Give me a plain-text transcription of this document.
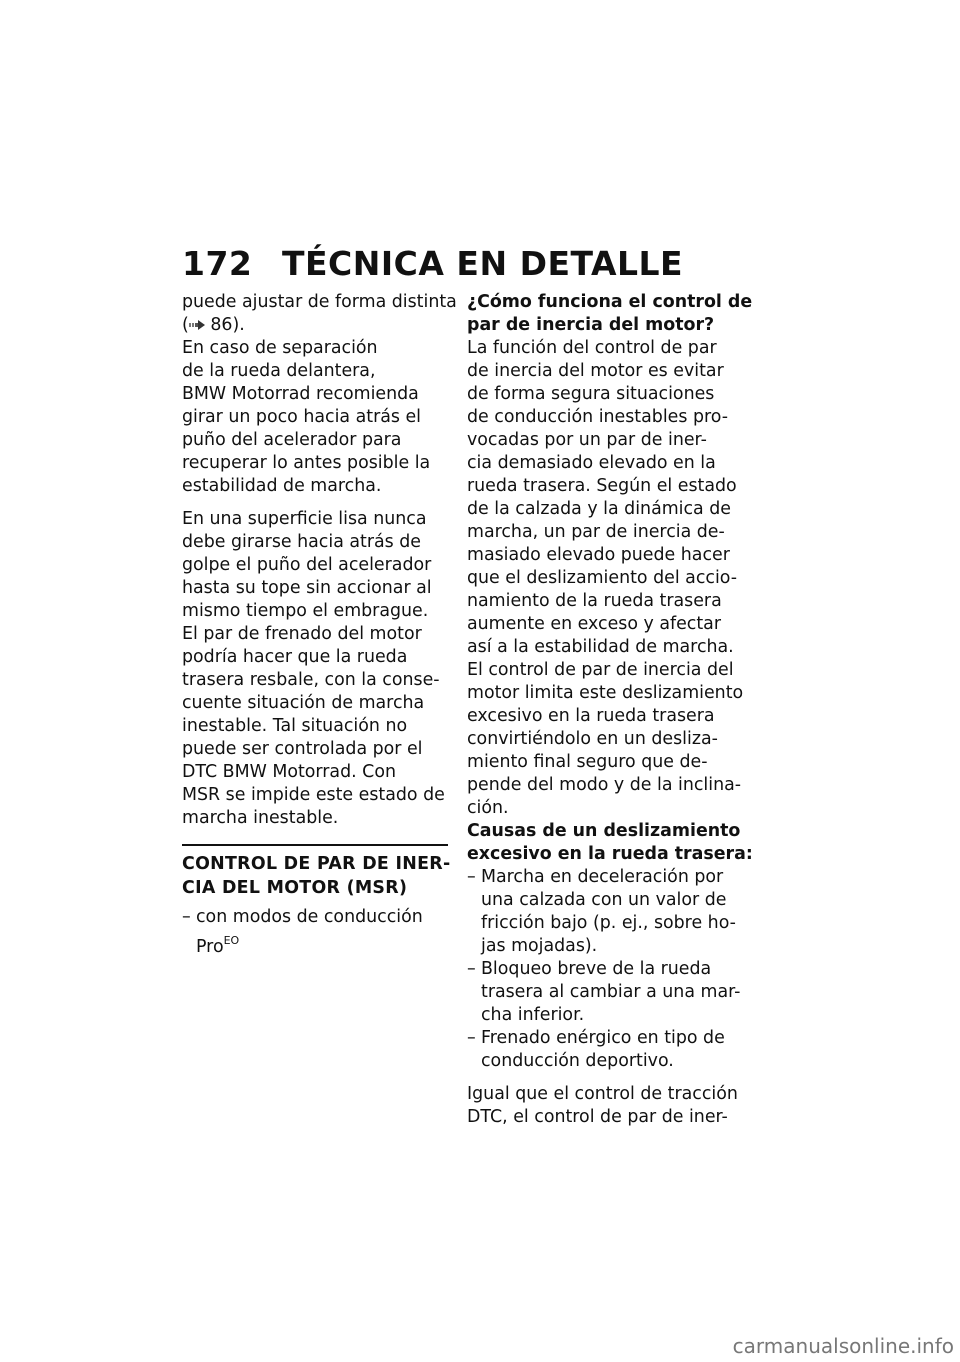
172 TÉCNICA EN DETALLE
puede ajustar de forma distinta
( 86).
En caso de separación
de la rueda delantera,
BMW Motorrad recomienda
girar un poco hacia atrás el
puño del acelerador para
recuperar lo antes posible la
estabilidad de marcha.
En una superficie lisa nunca
debe girarse hacia atrás de
golpe el puño del acelerador
hasta su tope sin accionar al
mismo tiempo el embrague.
El par de frenado del motor
podría hacer que la rueda
trasera resbale, con la conse-
cuente situación de marcha
inestable. Tal situación no
puede ser controlada por el
DTC BMW Motorrad. Con
MSR se impide este estado de
marcha inestable.
CONTROL DE PAR DE INER-
CIA DEL MOTOR (MSR)
– con modos de conducción
Pro$^{EO}$
¿Cómo funciona el control de
par de inercia del motor?
La función del control de par
de inercia del motor es evitar
de forma segura situaciones
de conducción inestables pro-
vocadas por un par de iner-
cia demasiado elevado en la
rueda trasera. Según el estado
de la calzada y la dinámica de
marcha, un par de inercia de-
masiado elevado puede hacer
que el deslizamiento del accio-
namiento de la rueda trasera
aumente en exceso y afectar
así a la estabilidad de marcha.
El control de par de inercia del
motor limita este deslizamiento
excesivo en la rueda trasera
convirtiéndolo en un desliza-
miento final seguro que de-
pende del modo y de la inclina-
ción.
Causas de un deslizamiento
excesivo en la rueda trasera:
– Marcha en deceleración por
una calzada con un valor de
fricción bajo (p. ej., sobre ho-
jas mojadas).
– Bloqueo breve de la rueda
trasera al cambiar a una mar-
cha inferior.
– Frenado enérgico en tipo de
conducción deportivo.
Igual que el control de tracción
DTC, el control de par de iner-
carmanualsonline.info
